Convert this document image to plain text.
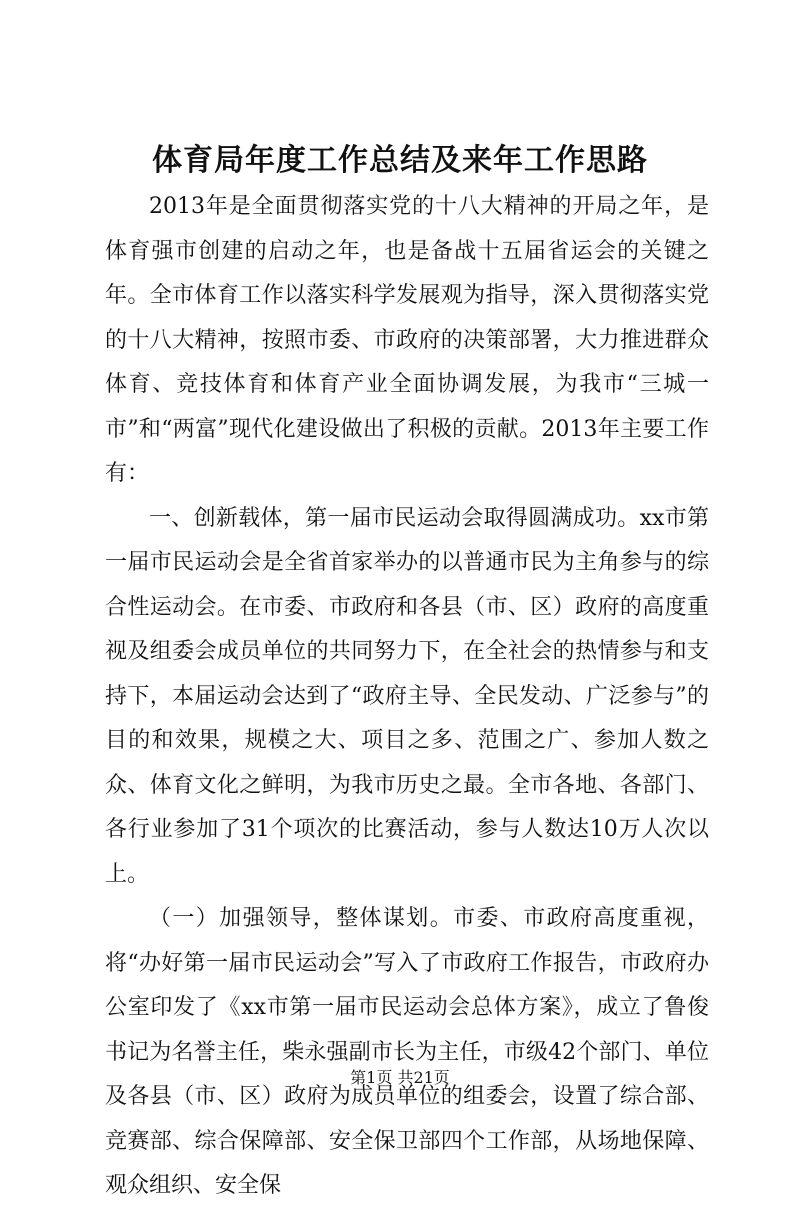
体育局年度工作总结及来年工作思路

2013年是全面贯彻落实党的十八大精神的开局之年，是体育强市创建的启动之年，也是备战十五届省运会的关键之年。全市体育工作以落实科学发展观为指导，深入贯彻落实党的十八大精神，按照市委、市政府的决策部署，大力推进群众体育、竞技体育和体育产业全面协调发展，为我市“三城一市”和“两富”现代化建设做出了积极的贡献。2013年主要工作有：

一、创新载体，第一届市民运动会取得圆满成功。xx市第一届市民运动会是全省首家举办的以普通市民为主角参与的综合性运动会。在市委、市政府和各县（市、区）政府的高度重视及组委会成员单位的共同努力下，在全社会的热情参与和支持下，本届运动会达到了“政府主导、全民发动、广泛参与”的目的和效果，规模之大、项目之多、范围之广、参加人数之众、体育文化之鲜明，为我市历史之最。全市各地、各部门、各行业参加了31个项次的比赛活动，参与人数达10万人次以上。

（一）加强领导，整体谋划。市委、市政府高度重视，将“办好第一届市民运动会”写入了市政府工作报告，市政府办公室印发了《xx市第一届市民运动会总体方案》，成立了鲁俊书记为名誉主任，柴永强副市长为主任，市级42个部门、单位及各县（市、区）政府为成员单位的组委会，设置了综合部、竞赛部、综合保障部、安全保卫部四个工作部，从场地保障、观众组织、安全保

第1页 共21页
